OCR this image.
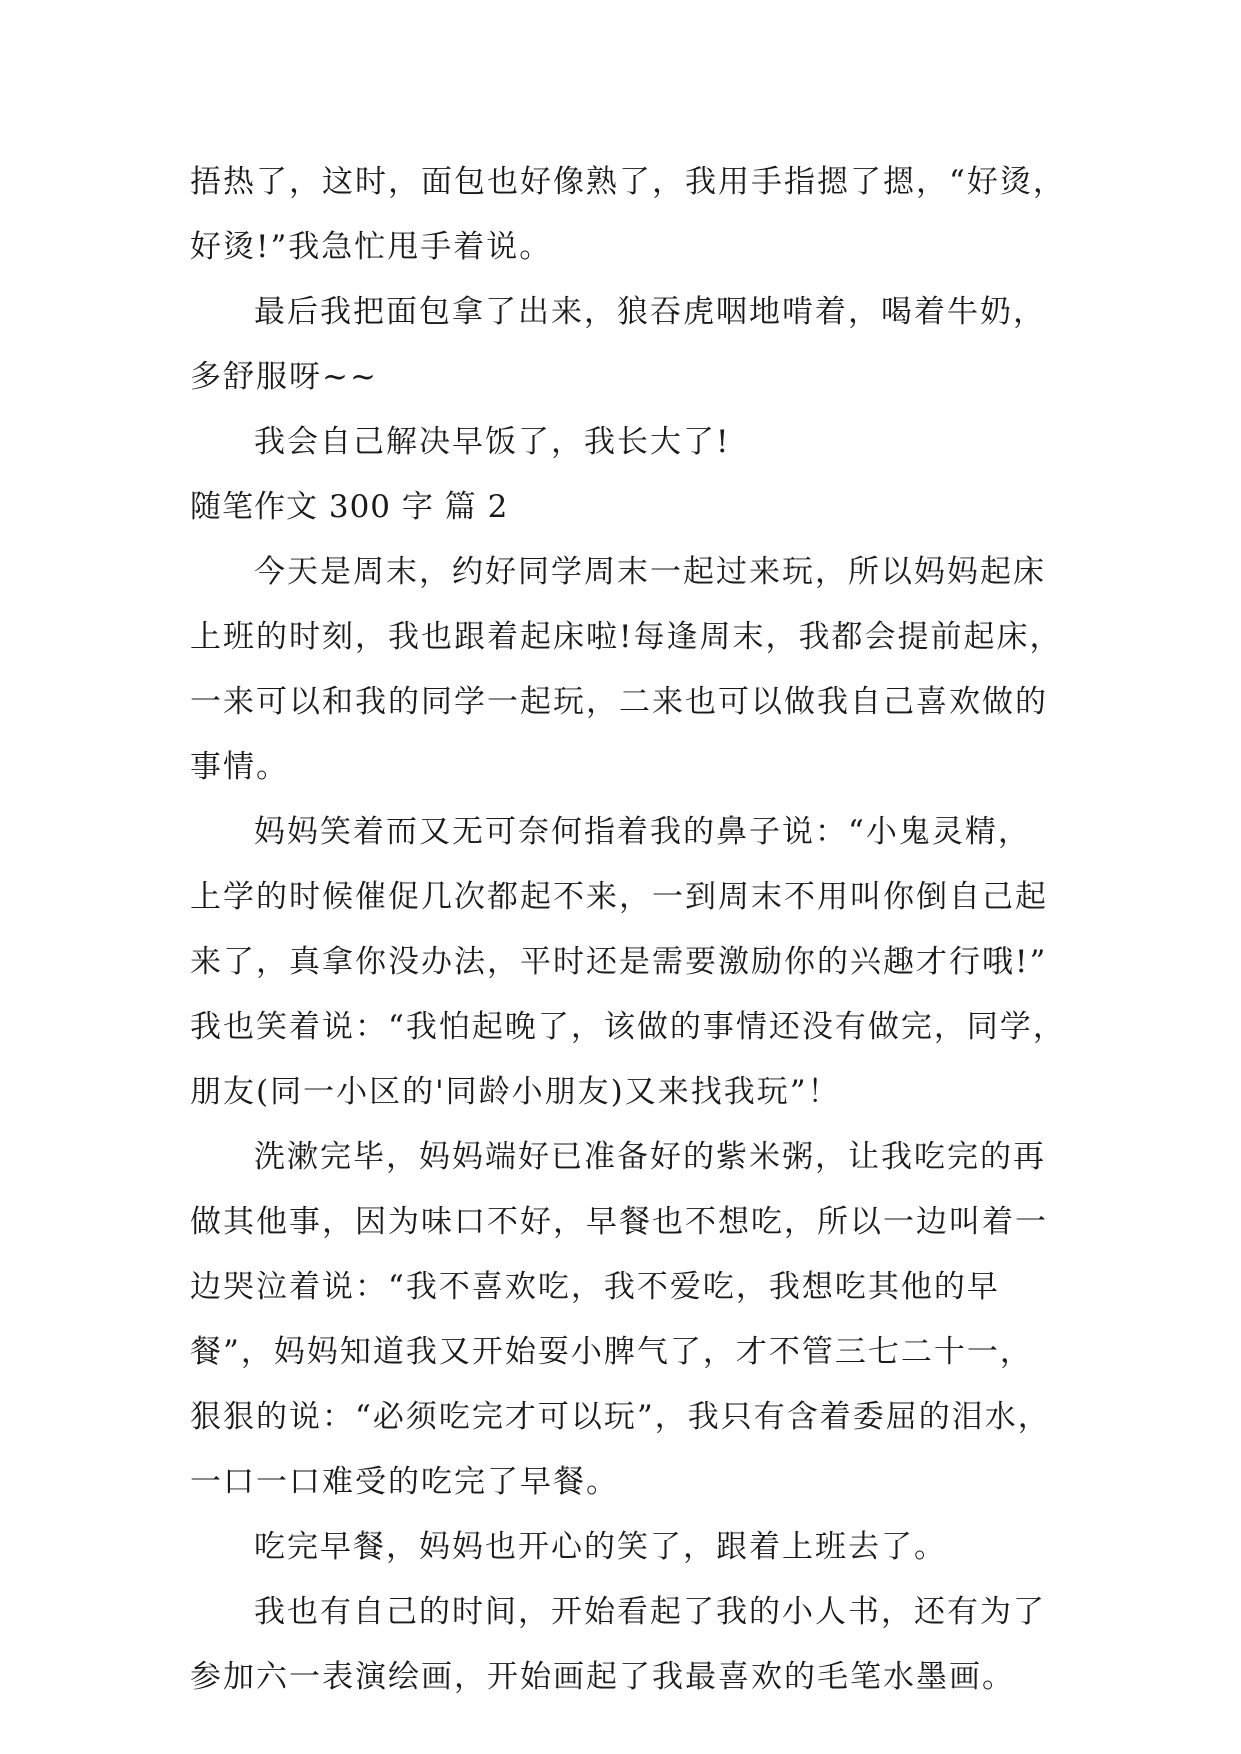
捂热了，这时，面包也好像熟了，我用手指摁了摁，“好烫，
好烫!”我急忙甩手着说。
最后我把面包拿了出来，狼吞虎咽地啃着，喝着牛奶，
多舒服呀~~
我会自己解决早饭了，我长大了!
随笔作文 300 字 篇 2
今天是周末，约好同学周末一起过来玩，所以妈妈起床
上班的时刻，我也跟着起床啦!每逢周末，我都会提前起床，
一来可以和我的同学一起玩，二来也可以做我自己喜欢做的
事情。
妈妈笑着而又无可奈何指着我的鼻子说：“小鬼灵精，
上学的时候催促几次都起不来，一到周末不用叫你倒自己起
来了，真拿你没办法，平时还是需要激励你的兴趣才行哦!”
我也笑着说：“我怕起晚了，该做的事情还没有做完，同学，
朋友(同一小区的'同龄小朋友)又来找我玩”！
洗漱完毕，妈妈端好已准备好的紫米粥，让我吃完的再
做其他事，因为味口不好，早餐也不想吃，所以一边叫着一
边哭泣着说：“我不喜欢吃，我不爱吃，我想吃其他的早
餐”，妈妈知道我又开始耍小脾气了，才不管三七二十一，
狠狠的说：“必须吃完才可以玩”，我只有含着委屈的泪水，
一口一口难受的吃完了早餐。
吃完早餐，妈妈也开心的笑了，跟着上班去了。
我也有自己的时间，开始看起了我的小人书，还有为了
参加六一表演绘画，开始画起了我最喜欢的毛笔水墨画。
